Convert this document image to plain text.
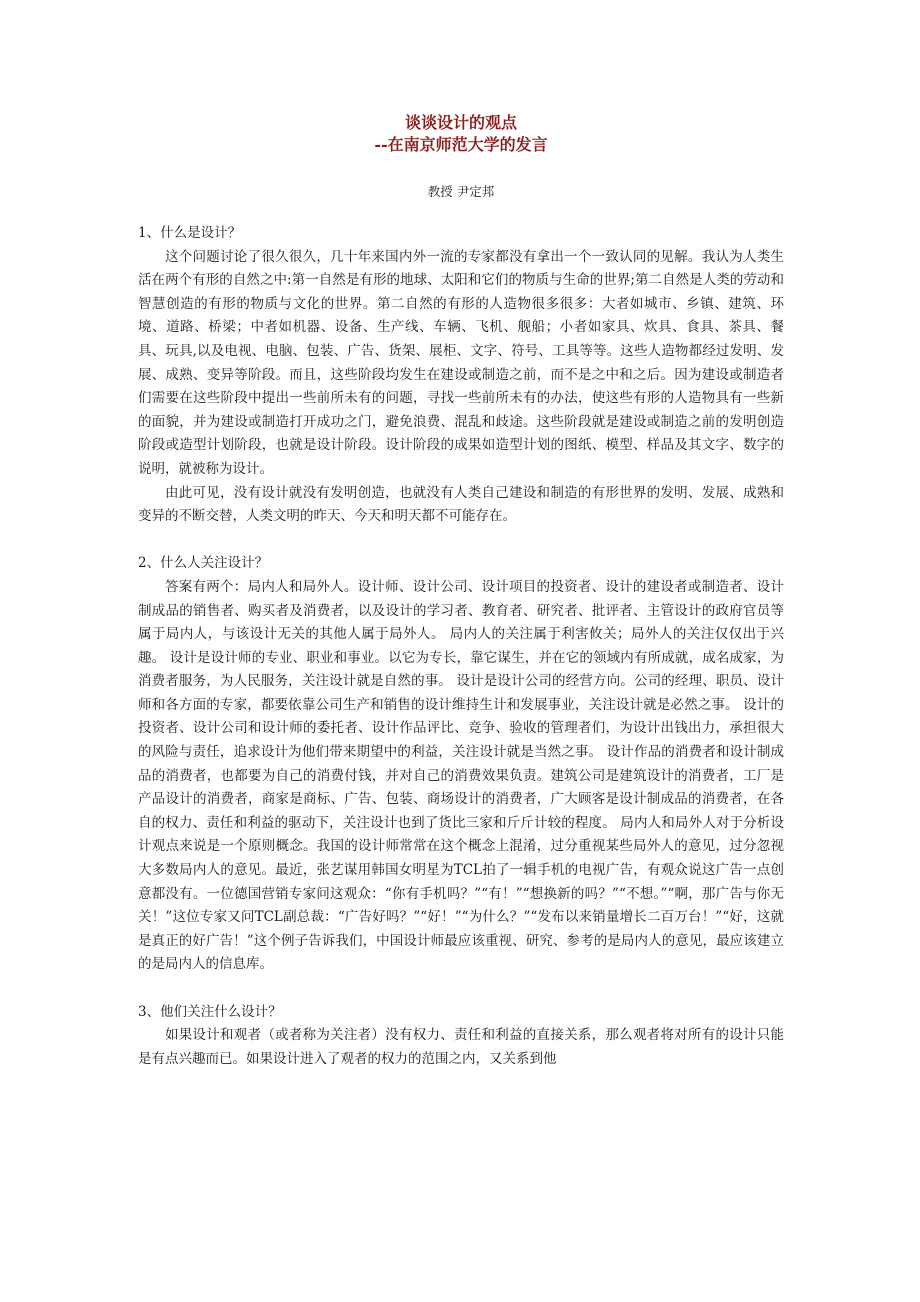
谈谈设计的观点

--在南京师范大学的发言

教授 尹定邦

1、什么是设计？

这个问题讨论了很久很久，几十年来国内外一流的专家都没有拿出一个一致认同的见解。我认为人类生活在两个有形的自然之中:第一自然是有形的地球、太阳和它们的物质与生命的世界;第二自然是人类的劳动和智慧创造的有形的物质与文化的世界。第二自然的有形的人造物很多很多：大者如城市、乡镇、建筑、环境、道路、桥梁；中者如机器、设备、生产线、车辆、飞机、舰船；小者如家具、炊具、食具、茶具、餐具、玩具,以及电视、电脑、包装、广告、货架、展柜、文字、符号、工具等等。这些人造物都经过发明、发展、成熟、变异等阶段。而且，这些阶段均发生在建设或制造之前，而不是之中和之后。因为建设或制造者们需要在这些阶段中提出一些前所未有的问题，寻找一些前所未有的办法，使这些有形的人造物具有一些新的面貌，并为建设或制造打开成功之门，避免浪费、混乱和歧途。这些阶段就是建设或制造之前的发明创造阶段或造型计划阶段，也就是设计阶段。设计阶段的成果如造型计划的图纸、模型、样品及其文字、数字的说明，就被称为设计。

由此可见，没有设计就没有发明创造，也就没有人类自己建设和制造的有形世界的发明、发展、成熟和变异的不断交替，人类文明的昨天、今天和明天都不可能存在。

2、什么人关注设计？

答案有两个：局内人和局外人。设计师、设计公司、设计项目的投资者、设计的建设者或制造者、设计制成品的销售者、购买者及消费者，以及设计的学习者、教育者、研究者、批评者、主管设计的政府官员等属于局内人，与该设计无关的其他人属于局外人。 局内人的关注属于利害攸关；局外人的关注仅仅出于兴趣。 设计是设计师的专业、职业和事业。以它为专长，靠它谋生，并在它的领域内有所成就，成名成家，为消费者服务，为人民服务，关注设计就是自然的事。 设计是设计公司的经营方向。公司的经理、职员、设计师和各方面的专家，都要依靠公司生产和销售的设计维持生计和发展事业，关注设计就是必然之事。 设计的投资者、设计公司和设计师的委托者、设计作品评比、竞争、验收的管理者们，为设计出钱出力，承担很大的风险与责任，追求设计为他们带来期望中的利益，关注设计就是当然之事。 设计作品的消费者和设计制成品的消费者，也都要为自己的消费付钱，并对自己的消费效果负责。建筑公司是建筑设计的消费者，工厂是产品设计的消费者，商家是商标、广告、包装、商场设计的消费者，广大顾客是设计制成品的消费者，在各自的权力、责任和利益的驱动下，关注设计也到了货比三家和斤斤计较的程度。 局内人和局外人对于分析设计观点来说是一个原则概念。我国的设计师常常在这个概念上混淆，过分重视某些局外人的意见，过分忽视大多数局内人的意见。最近，张艺谋用韩国女明星为TCL拍了一辑手机的电视广告，有观众说这广告一点创意都没有。一位德国营销专家问这观众：“你有手机吗？”“有！”“想换新的吗？”“不想。”“啊，那广告与你无关！”这位专家又问TCL副总裁：“广告好吗？”“好！”“为什么？”“发布以来销量增长二百万台！”“好，这就是真正的好广告！”这个例子告诉我们，中国设计师最应该重视、研究、参考的是局内人的意见，最应该建立的是局内人的信息库。

3、他们关注什么设计？

如果设计和观者（或者称为关注者）没有权力、责任和利益的直接关系，那么观者将对所有的设计只能是有点兴趣而已。如果设计进入了观者的权力的范围之内，又关系到他
